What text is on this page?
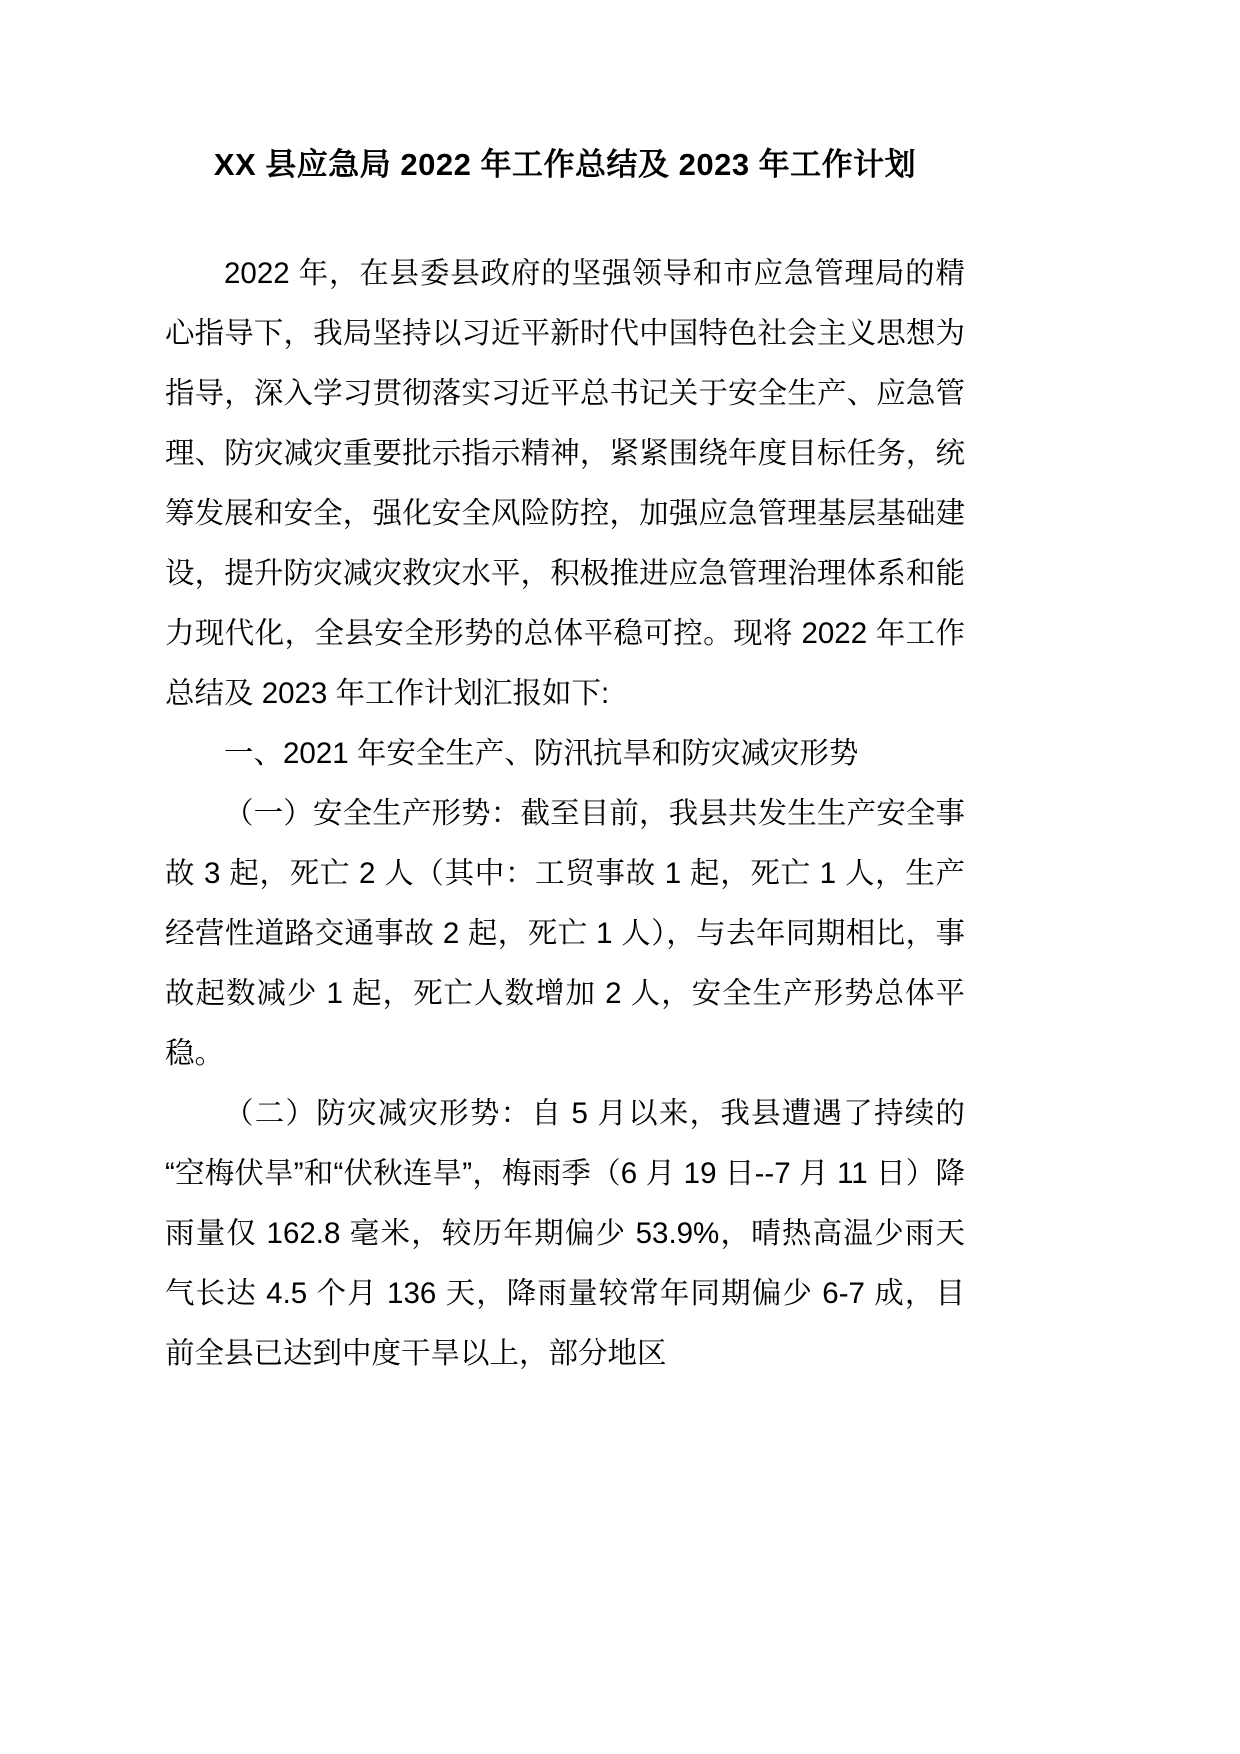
XX 县应急局 2022 年工作总结及 2023 年工作计划

2022 年，在县委县政府的坚强领导和市应急管理局的精心指导下，我局坚持以习近平新时代中国特色社会主义思想为指导，深入学习贯彻落实习近平总书记关于安全生产、应急管理、防灾减灾重要批示指示精神，紧紧围绕年度目标任务，统筹发展和安全，强化安全风险防控，加强应急管理基层基础建设，提升防灾减灾救灾水平，积极推进应急管理治理体系和能力现代化，全县安全形势的总体平稳可控。现将 2022 年工作总结及 2023 年工作计划汇报如下:

一、2021 年安全生产、防汛抗旱和防灾减灾形势

（一）安全生产形势：截至目前，我县共发生生产安全事故 3 起，死亡 2 人（其中：工贸事故 1 起，死亡 1 人，生产经营性道路交通事故 2 起，死亡 1 人），与去年同期相比，事故起数减少 1 起，死亡人数增加 2 人，安全生产形势总体平稳。

（二）防灾减灾形势：自 5 月以来，我县遭遇了持续的“空梅伏旱”和“伏秋连旱”，梅雨季（6 月 19 日--7 月 11 日）降雨量仅 162.8 毫米，较历年期偏少 53.9%，晴热高温少雨天气长达 4.5 个月 136 天，降雨量较常年同期偏少 6-7 成，目前全县已达到中度干旱以上，部分地区
